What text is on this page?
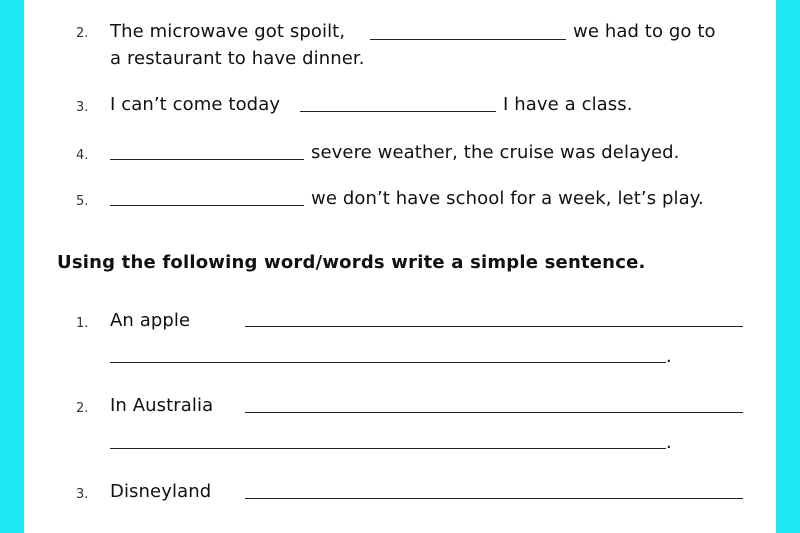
2. The microwave got spoilt,	we had to go to
a restaurant to have dinner.
3. I can’t come today	I have a class.
4.	severe weather, the cruise was delayed.
5.	we don’t have school for a week, let’s play.
Using the following word/words write a simple sentence.
1. An apple
.
2. In Australia
.
3. Disneyland
